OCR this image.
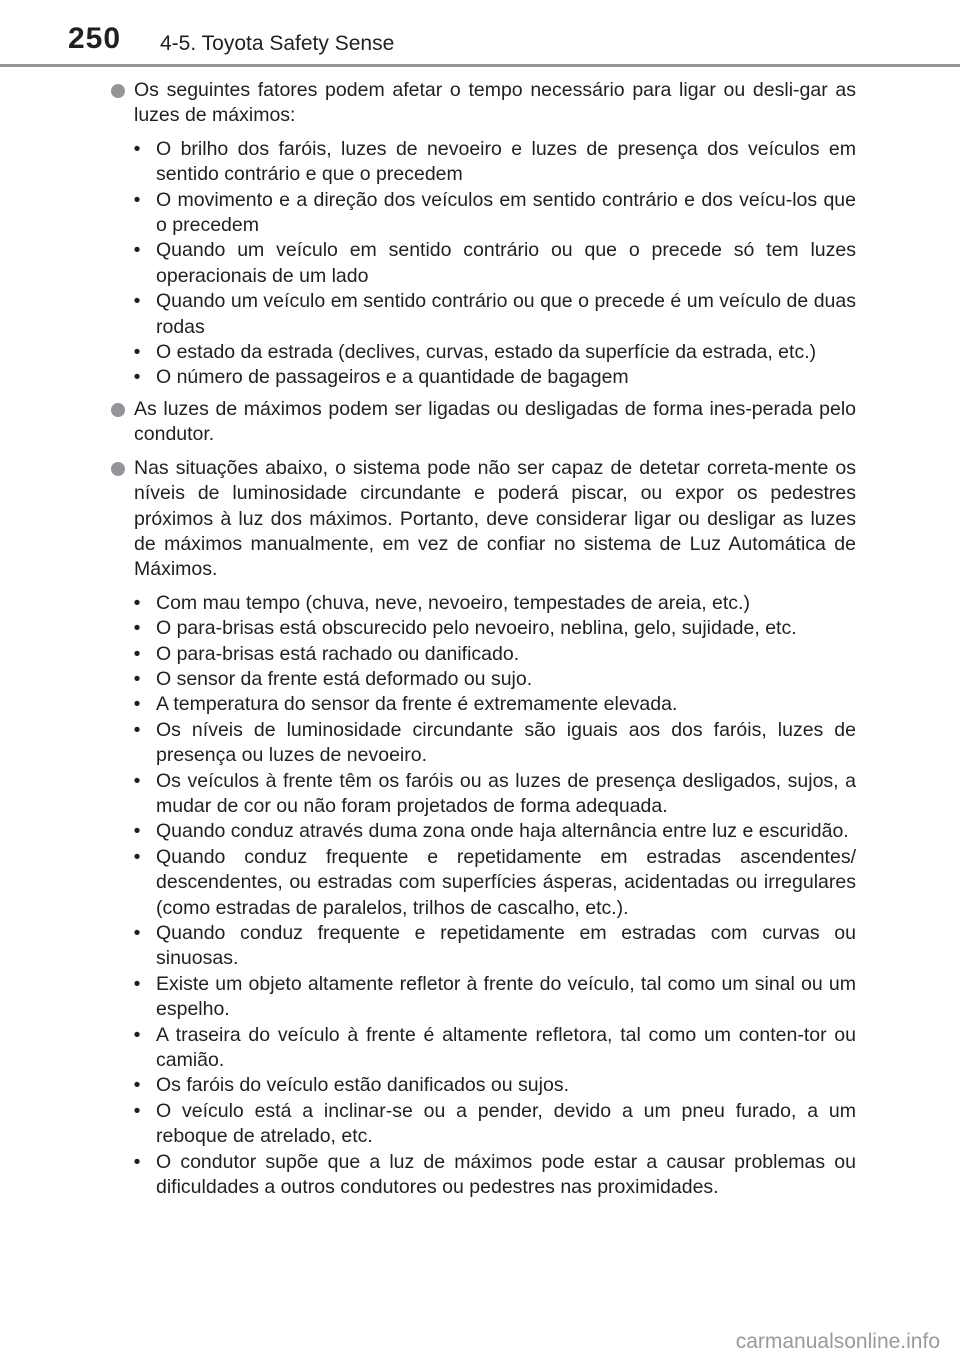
250 4-5. Toyota Safety Sense
Os seguintes fatores podem afetar o tempo necessário para ligar ou desli-gar as luzes de máximos:
• O brilho dos faróis, luzes de nevoeiro e luzes de presença dos veículos em sentido contrário e que o precedem
• O movimento e a direção dos veículos em sentido contrário e dos veícu-los que o precedem
• Quando um veículo em sentido contrário ou que o precede só tem luzes operacionais de um lado
• Quando um veículo em sentido contrário ou que o precede é um veículo de duas rodas
• O estado da estrada (declives, curvas, estado da superfície da estrada, etc.)
• O número de passageiros e a quantidade de bagagem
As luzes de máximos podem ser ligadas ou desligadas de forma ines-perada pelo condutor.
Nas situações abaixo, o sistema pode não ser capaz de detetar correta-mente os níveis de luminosidade circundante e poderá piscar, ou expor os pedestres próximos à luz dos máximos. Portanto, deve considerar ligar ou desligar as luzes de máximos manualmente, em vez de confiar no sistema de Luz Automática de Máximos.
• Com mau tempo (chuva, neve, nevoeiro, tempestades de areia, etc.)
• O para-brisas está obscurecido pelo nevoeiro, neblina, gelo, sujidade, etc.
• O para-brisas está rachado ou danificado.
• O sensor da frente está deformado ou sujo.
• A temperatura do sensor da frente é extremamente elevada.
• Os níveis de luminosidade circundante são iguais aos dos faróis, luzes de presença ou luzes de nevoeiro.
• Os veículos à frente têm os faróis ou as luzes de presença desligados, sujos, a mudar de cor ou não foram projetados de forma adequada.
• Quando conduz através duma zona onde haja alternância entre luz e escuridão.
• Quando conduz frequente e repetidamente em estradas ascendentes/ descendentes, ou estradas com superfícies ásperas, acidentadas ou irregulares (como estradas de paralelos, trilhos de cascalho, etc.).
• Quando conduz frequente e repetidamente em estradas com curvas ou sinuosas.
• Existe um objeto altamente refletor à frente do veículo, tal como um sinal ou um espelho.
• A traseira do veículo à frente é altamente refletora, tal como um conten-tor ou camião.
• Os faróis do veículo estão danificados ou sujos.
• O veículo está a inclinar-se ou a pender, devido a um pneu furado, a um reboque de atrelado, etc.
• O condutor supõe que a luz de máximos pode estar a causar problemas ou dificuldades a outros condutores ou pedestres nas proximidades.
carmanualsonline.info
